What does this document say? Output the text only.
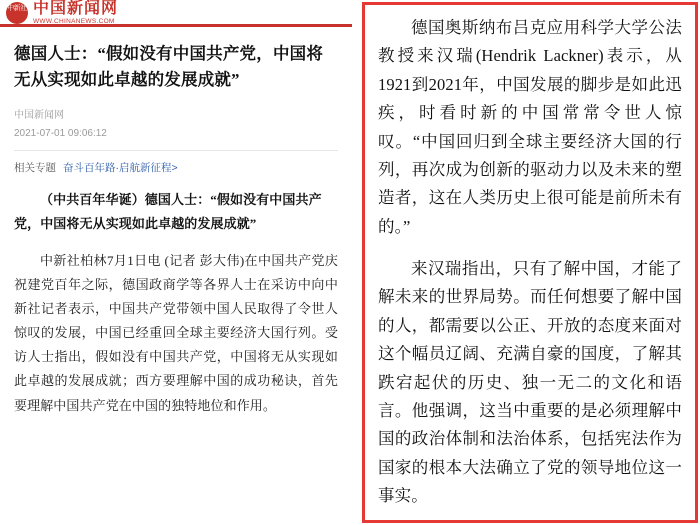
中新社 中国新闻网
WWW.CHINANEWS.COM
德国人士：“假如没有中国共产党，中国将无从实现如此卓越的发展成就”
中国新闻网
2021-07-01 09:06:12
相关专题 奋斗百年路·启航新征程>

（中共百年华诞）德国人士：“假如没有中国共产党，中国将无从实现如此卓越的发展成就”

中新社柏林7月1日电 (记者 彭大伟)在中国共产党庆祝建党百年之际，德国政商学等各界人士在采访中向中新社记者表示，中国共产党带领中国人民取得了令世人惊叹的发展，中国已经重回全球主要经济大国行列。受访人士指出，假如没有中国共产党，中国将无从实现如此卓越的发展成就；西方要理解中国的成功秘诀，首先要理解中国共产党在中国的独特地位和作用。

德国奥斯纳布吕克应用科学大学公法教授来汉瑞(Hendrik Lackner)表示，从1921到2021年，中国发展的脚步是如此迅疾，时看时新的中国常常令世人惊叹。“中国回归到全球主要经济大国的行列，再次成为创新的驱动力以及未来的塑造者，这在人类历史上很可能是前所未有的。”

来汉瑞指出，只有了解中国，才能了解未来的世界局势。而任何想要了解中国的人，都需要以公正、开放的态度来面对这个幅员辽阔、充满自豪的国度，了解其跌宕起伏的历史、独一无二的文化和语言。他强调，这当中重要的是必须理解中国的政治体制和法治体系，包括宪法作为国家的根本大法确立了党的领导地位这一事实。
